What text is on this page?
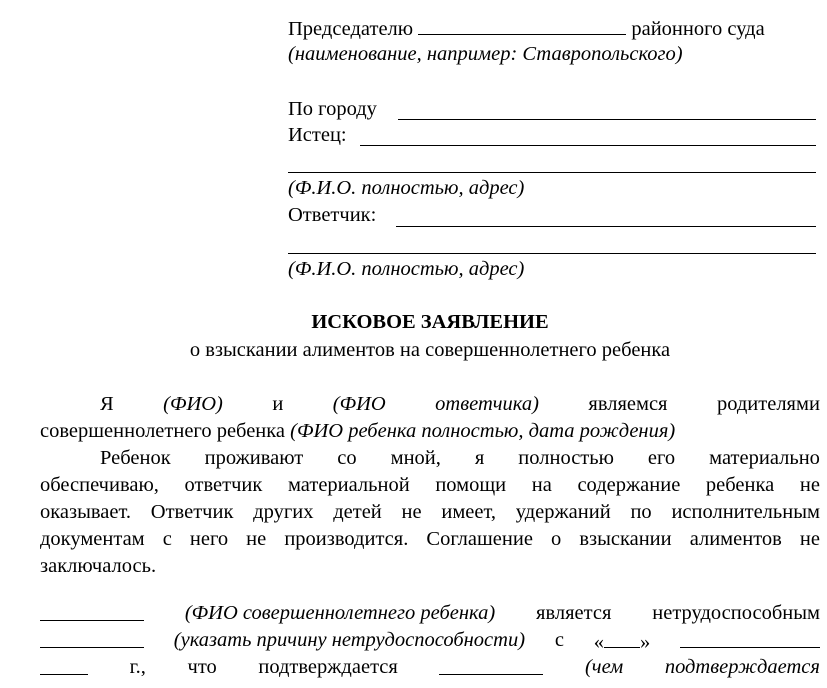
Председателю	районного суда
(наименование, например: Ставропольского)
По городу
Истец:
(Ф.И.О. полностью, адрес)
Ответчик:
(Ф.И.О. полностью, адрес)
ИСКОВОЕ ЗАЯВЛЕНИЕ
о взыскании алиментов на совершеннолетнего ребенка
Я (ФИО) и (ФИО ответчика) являемся родителями
совершеннолетнего ребенка (ФИО ребенка полностью, дата рождения)
Ребенок проживают со мной, я полностью его материально
обеспечиваю, ответчик материальной помощи на содержание ребенка не
оказывает. Ответчик других детей не имеет, удержаний по исполнительным
документам с него не производится. Соглашение о взыскании алиментов не
заключалось.
(ФИО совершеннолетнего ребенка) является нетрудоспособным
(указать причину нетрудоспособности) с « »
г., что подтверждается	(чем подтверждается
